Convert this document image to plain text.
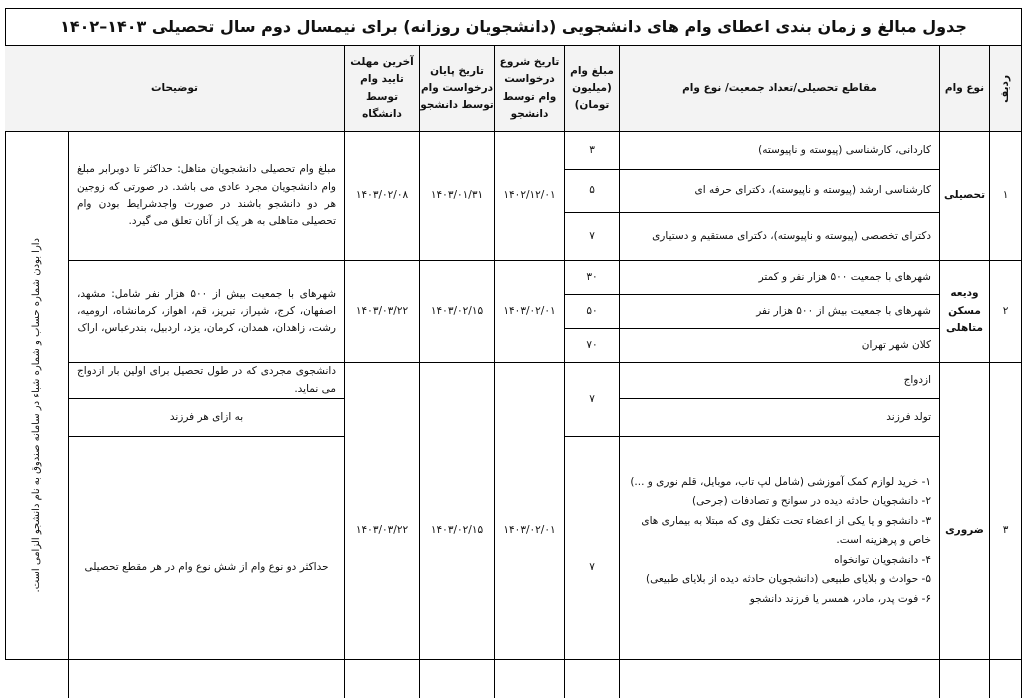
جدول مبالغ و زمان بندی اعطای وام های دانشجویی (دانشجویان روزانه) برای نیمسال دوم سال تحصیلی ۱۴۰۳–۱۴۰۲
ردیف
نوع وام
مقاطع تحصیلی/تعداد جمعیت/ نوع وام
مبلغ وام (میلیون تومان)
تاریخ شروع درخواست وام توسط دانشجو
تاریخ پایان درخواست وام توسط دانشجو
آخرین مهلت تایید وام توسط دانشگاه
توضیحات
دارا بودن شماره حساب و شماره شباء در سامانه صندوق به نام دانشجو الزامی است.
۱
تحصیلی
کاردانی، کارشناسی (پیوسته و ناپیوسته)
۳
کارشناسی ارشد (پیوسته و ناپیوسته)، دکترای حرفه ای
۵
دکترای تخصصی (پیوسته و ناپیوسته)، دکترای مستقیم و دستیاری
۷
۱۴۰۲/۱۲/۰۱
۱۴۰۳/۰۱/۳۱
۱۴۰۳/۰۲/۰۸
مبلغ وام تحصیلی دانشجویان متاهل: حداکثر تا دوبرابر مبلغ وام دانشجویان مجرد عادی می باشد. در صورتی که زوجین هر دو دانشجو باشند در صورت واجدشرایط بودن وام تحصیلی متاهلی به هر یک از آنان تعلق می گیرد.
۲
ودیعه مسکن متاهلی
شهرهای با جمعیت ۵۰۰ هزار نفر و کمتر
۳۰
شهرهای با جمعیت بیش از ۵۰۰ هزار نفر
۵۰
کلان شهر تهران
۷۰
۱۴۰۳/۰۲/۰۱
۱۴۰۳/۰۲/۱۵
۱۴۰۳/۰۳/۲۲
شهرهای با جمعیت بیش از ۵۰۰ هزار نفر شامل: مشهد، اصفهان، کرج، شیراز، تبریز، قم، اهواز، کرمانشاه، ارومیه، رشت، زاهدان، همدان، کرمان، یزد، اردبیل، بندرعباس، اراک
۳
ضروری
ازدواج
تولد فرزند
۷
۱- خرید لوازم کمک آموزشی (شامل لپ تاب، موبایل، قلم نوری و ...)
۲- دانشجویان حادثه دیده در سوانح و تصادفات (جرحی)
۳- دانشجو و یا یکی از اعضاء تحت تکفل وی که مبتلا به بیماری های
خاص و پرهزینه است.
۴- دانشجویان توانخواه
۵- حوادث و بلایای طبیعی (دانشجویان حادثه دیده از بلایای طبیعی)
۶- فوت پدر، مادر، همسر یا فرزند دانشجو
۷
۱۴۰۳/۰۲/۰۱
۱۴۰۳/۰۲/۱۵
۱۴۰۳/۰۳/۲۲
دانشجوی مجردی که در طول تحصیل برای اولین بار ازدواج می نماید.
به ازای هر فرزند
حداکثر دو نوع وام از شش نوع وام در هر مقطع تحصیلی
